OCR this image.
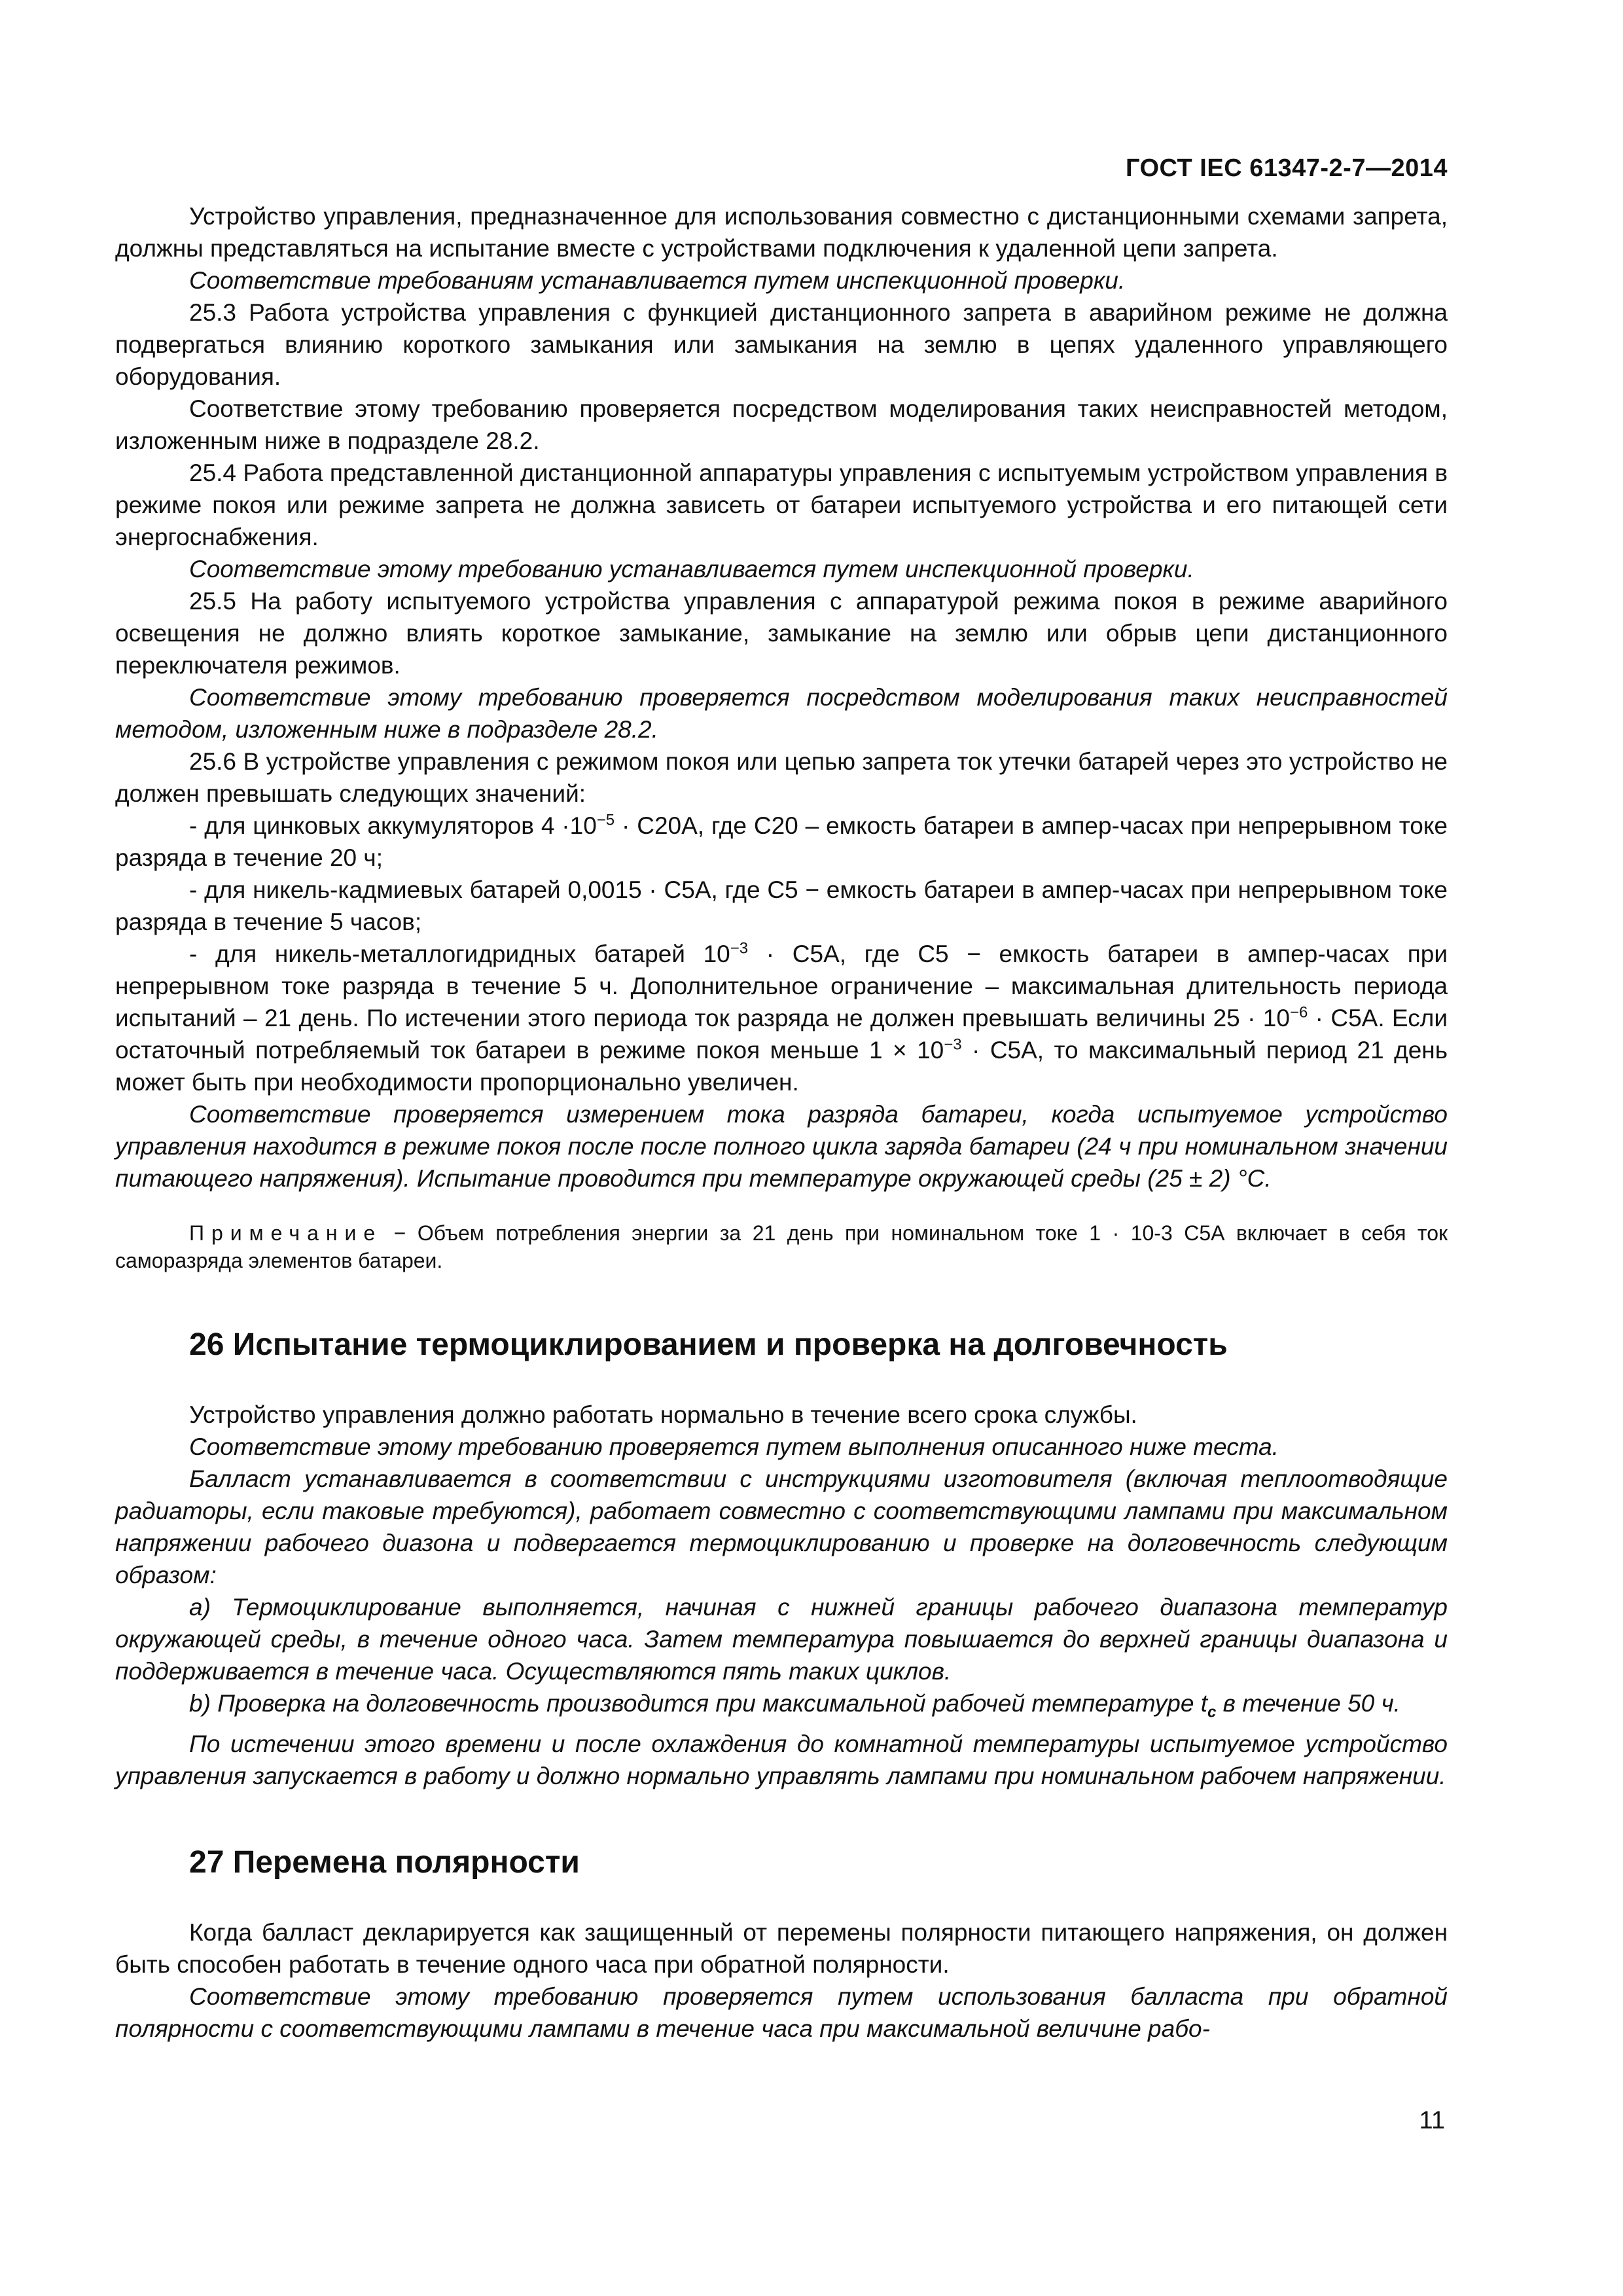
ГОСТ IEC 61347-2-7—2014

Устройство управления, предназначенное для использования совместно с дистанционными схемами запрета, должны представляться на испытание вместе с устройствами подключения к удаленной цепи запрета.

Соответствие требованиям устанавливается путем инспекционной проверки.

25.3 Работа устройства управления с функцией дистанционного запрета в аварийном режиме не должна подвергаться влиянию короткого замыкания или замыкания на землю в цепях удаленного управляющего оборудования.

Соответствие этому требованию проверяется посредством моделирования таких неисправностей методом, изложенным ниже в подразделе 28.2.

25.4 Работа представленной дистанционной аппаратуры управления с испытуемым устройством управления в режиме покоя или режиме запрета не должна зависеть от батареи испытуемого устройства и его питающей сети энергоснабжения.

Соответствие этому требованию устанавливается путем инспекционной проверки.

25.5 На работу испытуемого устройства управления с аппаратурой режима покоя в режиме аварийного освещения не должно влиять короткое замыкание, замыкание на землю или обрыв цепи дистанционного переключателя режимов.

Соответствие этому требованию проверяется посредством моделирования таких неисправностей методом, изложенным ниже в подразделе 28.2.

25.6 В устройстве управления с режимом покоя или цепью запрета ток утечки батарей через это устройство не должен превышать следующих значений:

- для цинковых аккумуляторов $4 \cdot 10^{-5} \cdot С20А$, где С20 – емкость батареи в ампер-часах при непрерывном токе разряда в течение 20 ч;

- для никель-кадмиевых батарей 0,0015 · С5А, где С5 − емкость батареи в ампер-часах при непрерывном токе разряда в течение 5 часов;

- для никель-металлогидридных батарей $10^{-3} \cdot С5А$, где С5 − емкость батареи в ампер-часах при непрерывном токе разряда в течение 5 ч. Дополнительное ограничение – максимальная длительность периода испытаний – 21 день. По истечении этого периода ток разряда не должен превышать величины $25 \cdot 10^{-6} \cdot С5А$. Если остаточный потребляемый ток батареи в режиме покоя меньше $1 \times 10^{-3} \cdot С5А$, то максимальный период 21 день может быть при необходимости пропорционально увеличен.

Соответствие проверяется измерением тока разряда батареи, когда испытуемое устройство управления находится в режиме покоя после после полного цикла заряда батареи (24 ч при номинальном значении питающего напряжения). Испытание проводится при температуре окружающей среды (25 ± 2) °С.

Примечание − Объем потребления энергии за 21 день при номинальном токе 1 · 10-3 С5А включает в себя ток саморазряда элементов батареи.

26 Испытание термоциклированием и проверка на долговечность

Устройство управления должно работать нормально в течение всего срока службы.

Соответствие этому требованию проверяется путем выполнения описанного ниже теста.

Балласт устанавливается в соответствии с инструкциями изготовителя (включая теплоотводящие радиаторы, если таковые требуются), работает совместно с соответствующими лампами при максимальном напряжении рабочего диазона и подвергается термоциклированию и проверке на долговечность следующим образом:

а) Термоциклирование выполняется, начиная с нижней границы рабочего диапазона температур окружающей среды, в течение одного часа. Затем температура повышается до верхней границы диапазона и поддерживается в течение часа. Осуществляются пять таких циклов.

b) Проверка на долговечность производится при максимальной рабочей температуре $t_c$ в течение 50 ч.

По истечении этого времени и после охлаждения до комнатной температуры испытуемое устройство управления запускается в работу и должно нормально управлять лампами при номинальном рабочем напряжении.

27 Перемена полярности

Когда балласт декларируется как защищенный от перемены полярности питающего напряжения, он должен быть способен работать в течение одного часа при обратной полярности.

Соответствие этому требованию проверяется путем использования балласта при обратной полярности с соответствующими лампами в течение часа при максимальной величине рабо-

11
